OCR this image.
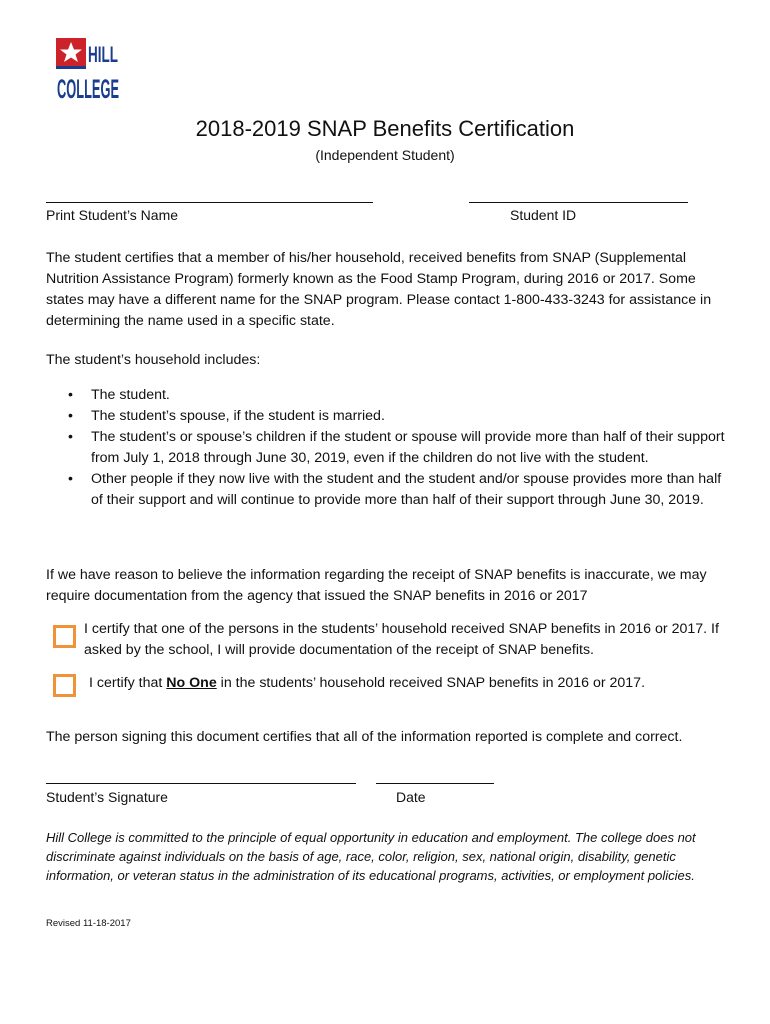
HILL
COLLEGE
2018-2019 SNAP Benefits Certification
(Independent Student)
Print Student’s Name	Student ID

The student certifies that a member of his/her household, received benefits from SNAP (Supplemental Nutrition Assistance Program) formerly known as the Food Stamp Program, during 2016 or 2017. Some states may have a different name for the SNAP program. Please contact 1-800-433-3243 for assistance in determining the name used in a specific state.

The student’s household includes:

• The student.
• The student’s spouse, if the student is married.
• The student’s or spouse’s children if the student or spouse will provide more than half of their support from July 1, 2018 through June 30, 2019, even if the children do not live with the student.
• Other people if they now live with the student and the student and/or spouse provides more than half of their support and will continue to provide more than half of their support through June 30, 2019.

If we have reason to believe the information regarding the receipt of SNAP benefits is inaccurate, we may require documentation from the agency that issued the SNAP benefits in 2016 or 2017

I certify that one of the persons in the students’ household received SNAP benefits in 2016 or 2017. If asked by the school, I will provide documentation of the receipt of SNAP benefits.

I certify that No One in the students’ household received SNAP benefits in 2016 or 2017.

The person signing this document certifies that all of the information reported is complete and correct.

Student’s Signature	Date

Hill College is committed to the principle of equal opportunity in education and employment. The college does not discriminate against individuals on the basis of age, race, color, religion, sex, national origin, disability, genetic information, or veteran status in the administration of its educational programs, activities, or employment policies.

Revised 11-18-2017
